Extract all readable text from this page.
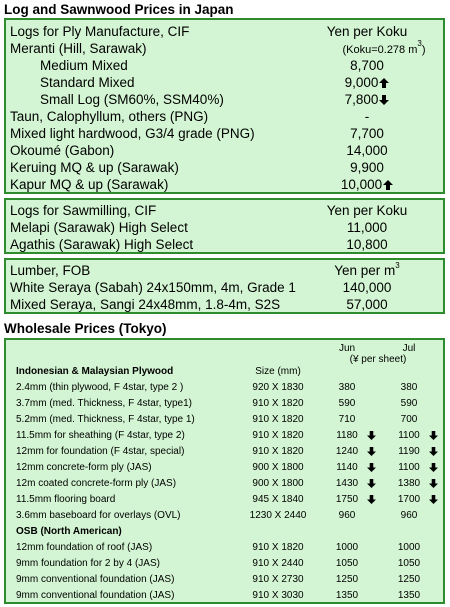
Log and Sawnwood Prices in Japan
Logs for Ply Manufacture, CIF	Yen per Koku
Meranti (Hill, Sarawak)	(Koku=0.278 $m^3$)
Medium Mixed	8,700
Standard Mixed	9,000
Small Log (SM60%, SSM40%)	7,800
Taun, Calophyllum, others (PNG)	-
Mixed light hardwood, G3/4 grade (PNG)	7,700
Okoumé (Gabon)	14,000
Keruing MQ & up (Sarawak)	9,900
Kapur MQ & up (Sarawak)	10,000
Logs for Sawmilling, CIF	Yen per Koku
Melapi (Sarawak) High Select	11,000
Agathis (Sarawak) High Select	10,800
Lumber, FOB	Yen per $m^3$
White Seraya (Sabah) 24x150mm, 4m, Grade 1	140,000
Mixed Seraya, Sangi 24x48mm, 1.8-4m, S2S	57,000
Wholesale Prices (Tokyo)
Jun	Jul
(¥ per sheet)
Indonesian & Malaysian Plywood	Size (mm)
2.4mm (thin plywood, F 4star, type 2 )	920 X 1830	380	380
3.7mm (med. Thickness, F 4star, type1)	910 X 1820	590	590
5.2mm (med. Thickness, F 4star, type 1)	910 X 1820	710	700
11.5mm for sheathing (F 4star, type 2)	910 X 1820	1180	1100
12mm for foundation (F 4star, special)	910 X 1820	1240	1190
12mm concrete-form ply (JAS)	900 X 1800	1140	1100
12m coated concrete-form ply (JAS)	900 X 1800	1430	1380
11.5mm flooring board	945 X 1840	1750	1700
3.6mm baseboard for overlays (OVL)	1230 X 2440	960	960
OSB (North American)
12mm foundation of roof (JAS)	910 X 1820	1000	1000
9mm foundation for 2 by 4 (JAS)	910 X 2440	1050	1050
9mm conventional foundation (JAS)	910 X 2730	1250	1250
9mm conventional foundation (JAS)	910 X 3030	1350	1350
